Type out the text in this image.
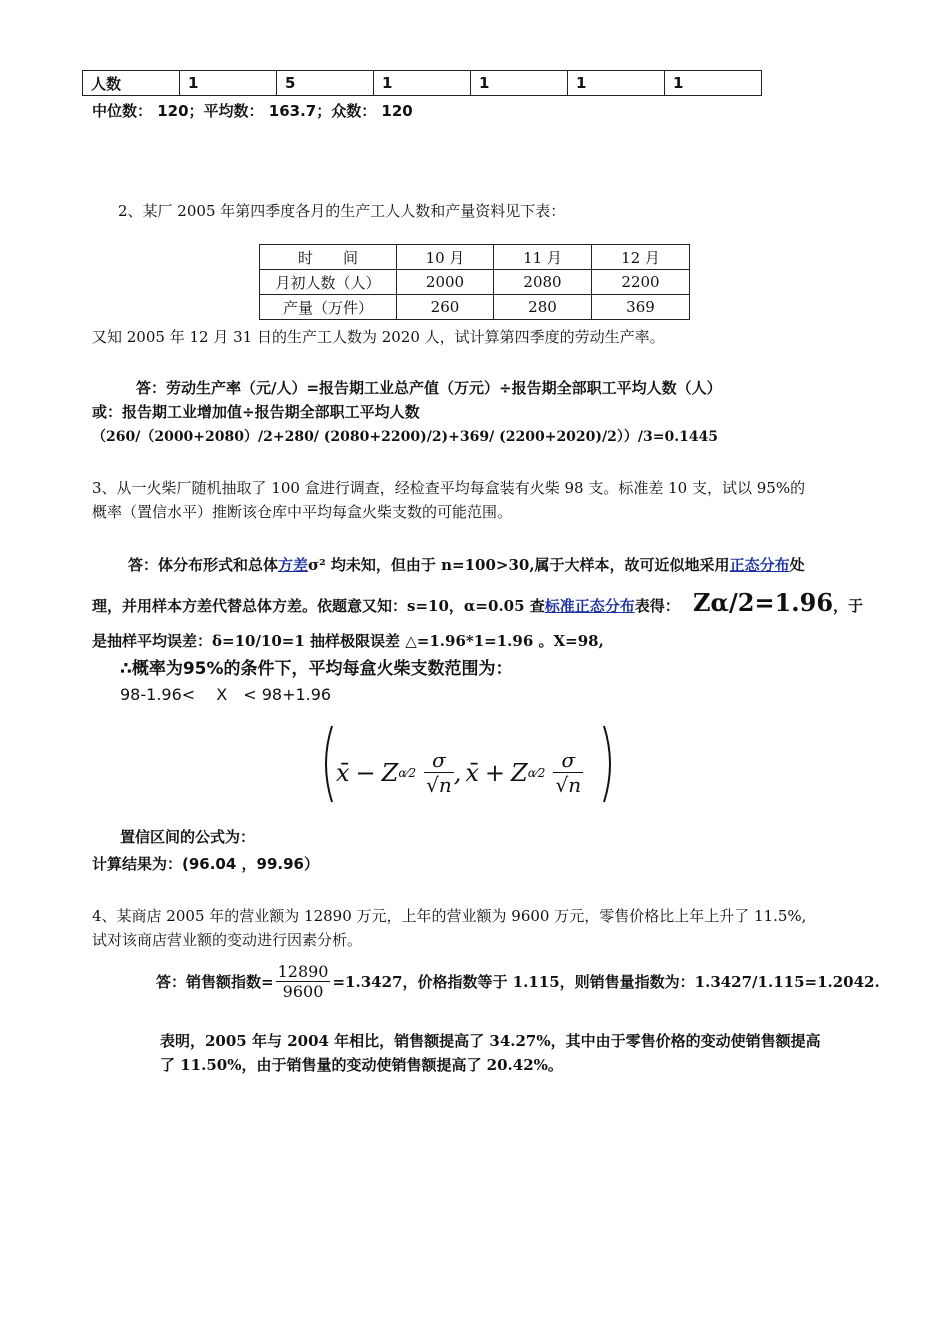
人数	1	5	1	1	1	1
中位数： 120；平均数： 163.7；众数： 120
2、某厂 2005 年第四季度各月的生产工人人数和产量资料见下表：
时　　间	10 月	11 月	12 月
月初人数（人）	2000	2080	2200
产量（万件）	260	280	369
又知 2005 年 12 月 31 日的生产工人数为 2020 人，试计算第四季度的劳动生产率。
答：劳动生产率（元/人）=报告期工业总产值（万元）÷报告期全部职工平均人数（人）
或：报告期工业增加值÷报告期全部职工平均人数
（260/（2000+2080）/2+280/ (2080+2200)/2)+369/ (2200+2020)/2））/3=0.1445
3、从一火柴厂随机抽取了 100 盒进行调查，经检查平均每盒装有火柴 98 支。标准差 10 支，试以 95%的
概率（置信水平）推断该仓库中平均每盒火柴支数的可能范围。
答：体分布形式和总体方差σ² 均未知，但由于 n=100>30,属于大样本，故可近似地采用正态分布处
理，并用样本方差代替总体方差。依题意又知：s=10，α=0.05 查标准正态分布表得： Zα/2=1.96，于
是抽样平均误差：δ=10/10=1 抽样极限误差 △=1.96*1=1.96 。X=98,
∴概率为95%的条件下，平均每盒火柴支数范围为：
98-1.96<　 X　< 98+1.96
x̄ − Z α⁄2 $\frac{\sigma}{√n}$ , x̄ + Z α⁄2 $\frac{\sigma}{√n}$
置信区间的公式为：
计算结果为：(96.04 ，99.96）
4、某商店 2005 年的营业额为 12890 万元，上年的营业额为 9600 万元，零售价格比上年上升了 11.5%,
试对该商店营业额的变动进行因素分析。
答：销售额指数= $\frac{12890}{9600} =1.3427$，价格指数等于 1.115，则销售量指数为：1.3427/1.115=1.2042.
表明，2005 年与 2004 年相比，销售额提高了 34.27%，其中由于零售价格的变动使销售额提高
了 11.50%，由于销售量的变动使销售额提高了 20.42%。
